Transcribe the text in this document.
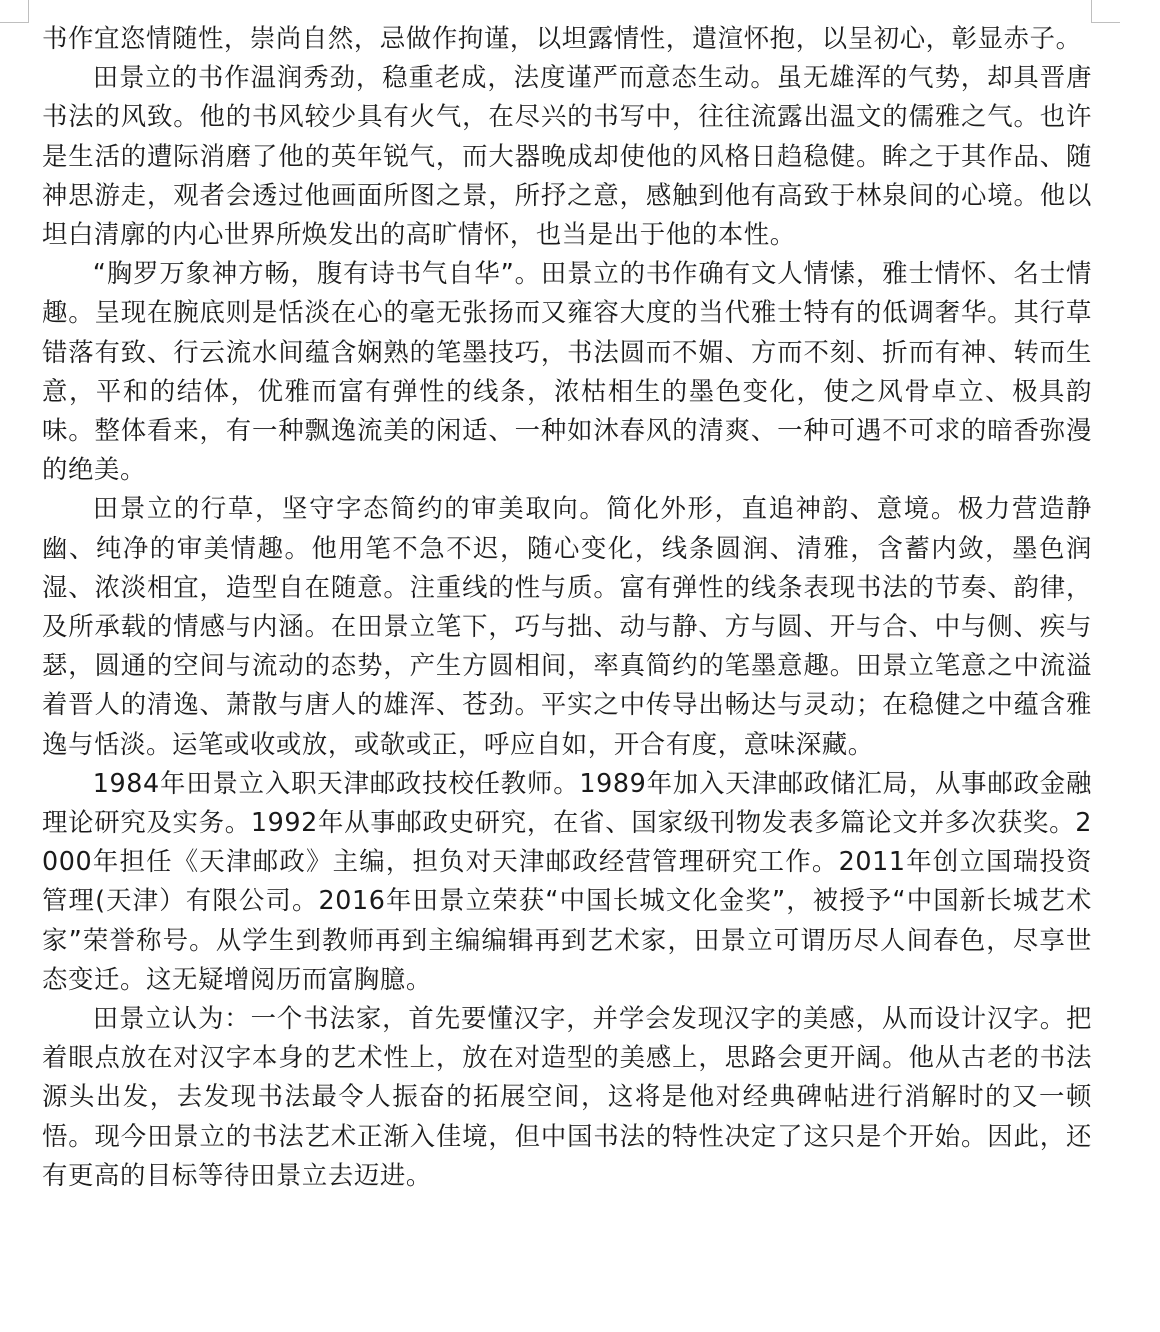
书作宜恣情随性，崇尚自然，忌做作拘谨，以坦露情性，遣渲怀抱，以呈初心，彰显赤子。

田景立的书作温润秀劲，稳重老成，法度谨严而意态生动。虽无雄浑的气势，却具晋唐书法的风致。他的书风较少具有火气，在尽兴的书写中，往往流露出温文的儒雅之气。也许是生活的遭际消磨了他的英年锐气，而大器晚成却使他的风格日趋稳健。眸之于其作品、随神思游走，观者会透过他画面所图之景，所抒之意，感触到他有高致于林泉间的心境。他以坦白清廓的内心世界所焕发出的高旷情怀，也当是出于他的本性。

“胸罗万象神方畅，腹有诗书气自华”。田景立的书作确有文人情愫，雅士情怀、名士情趣。呈现在腕底则是恬淡在心的毫无张扬而又雍容大度的当代雅士特有的低调奢华。其行草错落有致、行云流水间蕴含娴熟的笔墨技巧，书法圆而不媚、方而不刻、折而有神、转而生意，平和的结体，优雅而富有弹性的线条，浓枯相生的墨色变化，使之风骨卓立、极具韵味。整体看来，有一种飘逸流美的闲适、一种如沐春风的清爽、一种可遇不可求的暗香弥漫的绝美。

田景立的行草，坚守字态简约的审美取向。简化外形，直追神韵、意境。极力营造静幽、纯净的审美情趣。他用笔不急不迟，随心变化，线条圆润、清雅，含蓄内敛，墨色润湿、浓淡相宜，造型自在随意。注重线的性与质。富有弹性的线条表现书法的节奏、韵律，及所承载的情感与内涵。在田景立笔下，巧与拙、动与静、方与圆、开与合、中与侧、疾与瑟，圆通的空间与流动的态势，产生方圆相间，率真简约的笔墨意趣。田景立笔意之中流溢着晋人的清逸、萧散与唐人的雄浑、苍劲。平实之中传导出畅达与灵动；在稳健之中蕴含雅逸与恬淡。运笔或收或放，或欹或正，呼应自如，开合有度，意味深藏。

1984年田景立入职天津邮政技校任教师。1989年加入天津邮政储汇局，从事邮政金融理论研究及实务。1992年从事邮政史研究，在省、国家级刊物发表多篇论文并多次获奖。2000年担任《天津邮政》主编，担负对天津邮政经营管理研究工作。2011年创立国瑞投资管理(天津）有限公司。2016年田景立荣获“中国长城文化金奖”，被授予“中国新长城艺术家”荣誉称号。从学生到教师再到主编编辑再到艺术家，田景立可谓历尽人间春色，尽享世态变迁。这无疑增阅历而富胸臆。

田景立认为：一个书法家，首先要懂汉字，并学会发现汉字的美感，从而设计汉字。把着眼点放在对汉字本身的艺术性上，放在对造型的美感上，思路会更开阔。他从古老的书法源头出发，去发现书法最令人振奋的拓展空间，这将是他对经典碑帖进行消解时的又一顿悟。现今田景立的书法艺术正渐入佳境，但中国书法的特性决定了这只是个开始。因此，还有更高的目标等待田景立去迈进。
